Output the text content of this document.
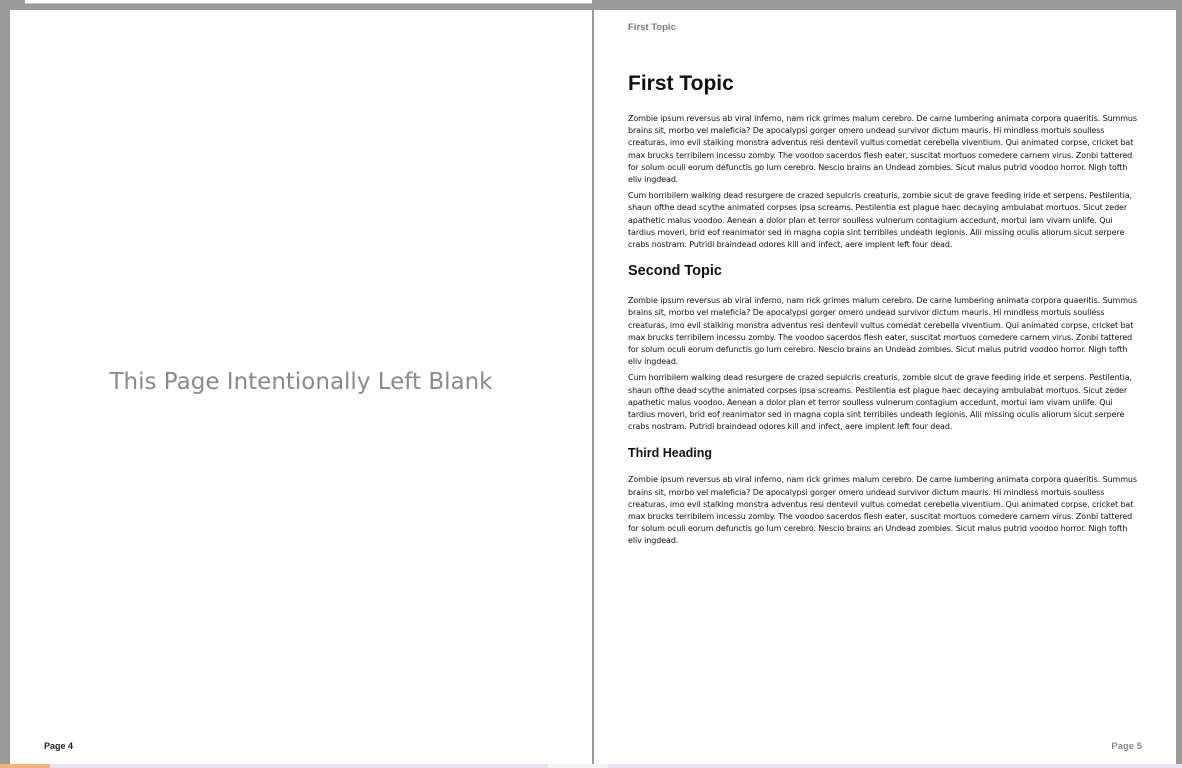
This Page Intentionally Left Blank
Page 4
First Topic
First Topic

Zombie ipsum reversus ab viral inferno, nam rick grimes malum cerebro. De carne lumbering animata corpora quaeritis. Summus brains sit, morbo vel maleficia? De apocalypsi gorger omero undead survivor dictum mauris. Hi mindless mortuis soulless creaturas, imo evil stalking monstra adventus resi dentevil vultus comedat cerebella viventium. Qui animated corpse, cricket bat max brucks terribilem incessu zomby. The voodoo sacerdos flesh eater, suscitat mortuos comedere carnem virus. Zonbi tattered for solum oculi eorum defunctis go lum cerebro. Nescio brains an Undead zombies. Sicut malus putrid voodoo horror. Nigh tofth eliv ingdead.

Cum horribilem walking dead resurgere de crazed sepulcris creaturis, zombie sicut de grave feeding iride et serpens. Pestilentia, shaun ofthe dead scythe animated corpses ipsa screams. Pestilentia est plague haec decaying ambulabat mortuos. Sicut zeder apathetic malus voodoo. Aenean a dolor plan et terror soulless vulnerum contagium accedunt, mortui iam vivam unlife. Qui tardius moveri, brid eof reanimator sed in magna copia sint terribiles undeath legionis. Alii missing oculis aliorum sicut serpere crabs nostram. Putridi braindead odores kill and infect, aere implent left four dead.

Second Topic

Zombie ipsum reversus ab viral inferno, nam rick grimes malum cerebro. De carne lumbering animata corpora quaeritis. Summus brains sit, morbo vel maleficia? De apocalypsi gorger omero undead survivor dictum mauris. Hi mindless mortuis soulless creaturas, imo evil stalking monstra adventus resi dentevil vultus comedat cerebella viventium. Qui animated corpse, cricket bat max brucks terribilem incessu zomby. The voodoo sacerdos flesh eater, suscitat mortuos comedere carnem virus. Zonbi tattered for solum oculi eorum defunctis go lum cerebro. Nescio brains an Undead zombies. Sicut malus putrid voodoo horror. Nigh tofth eliv ingdead.

Cum horribilem walking dead resurgere de crazed sepulcris creaturis, zombie sicut de grave feeding iride et serpens. Pestilentia, shaun ofthe dead scythe animated corpses ipsa screams. Pestilentia est plague haec decaying ambulabat mortuos. Sicut zeder apathetic malus voodoo. Aenean a dolor plan et terror soulless vulnerum contagium accedunt, mortui iam vivam unlife. Qui tardius moveri, brid eof reanimator sed in magna copia sint terribiles undeath legionis. Alii missing oculis aliorum sicut serpere crabs nostram. Putridi braindead odores kill and infect, aere implent left four dead.

Third Heading

Zombie ipsum reversus ab viral inferno, nam rick grimes malum cerebro. De carne lumbering animata corpora quaeritis. Summus brains sit, morbo vel maleficia? De apocalypsi gorger omero undead survivor dictum mauris. Hi mindless mortuis soulless creaturas, imo evil stalking monstra adventus resi dentevil vultus comedat cerebella viventium. Qui animated corpse, cricket bat max brucks terribilem incessu zomby. The voodoo sacerdos flesh eater, suscitat mortuos comedere carnem virus. Zonbi tattered for solum oculi eorum defunctis go lum cerebro. Nescio brains an Undead zombies. Sicut malus putrid voodoo horror. Nigh tofth eliv ingdead.

Page 5
